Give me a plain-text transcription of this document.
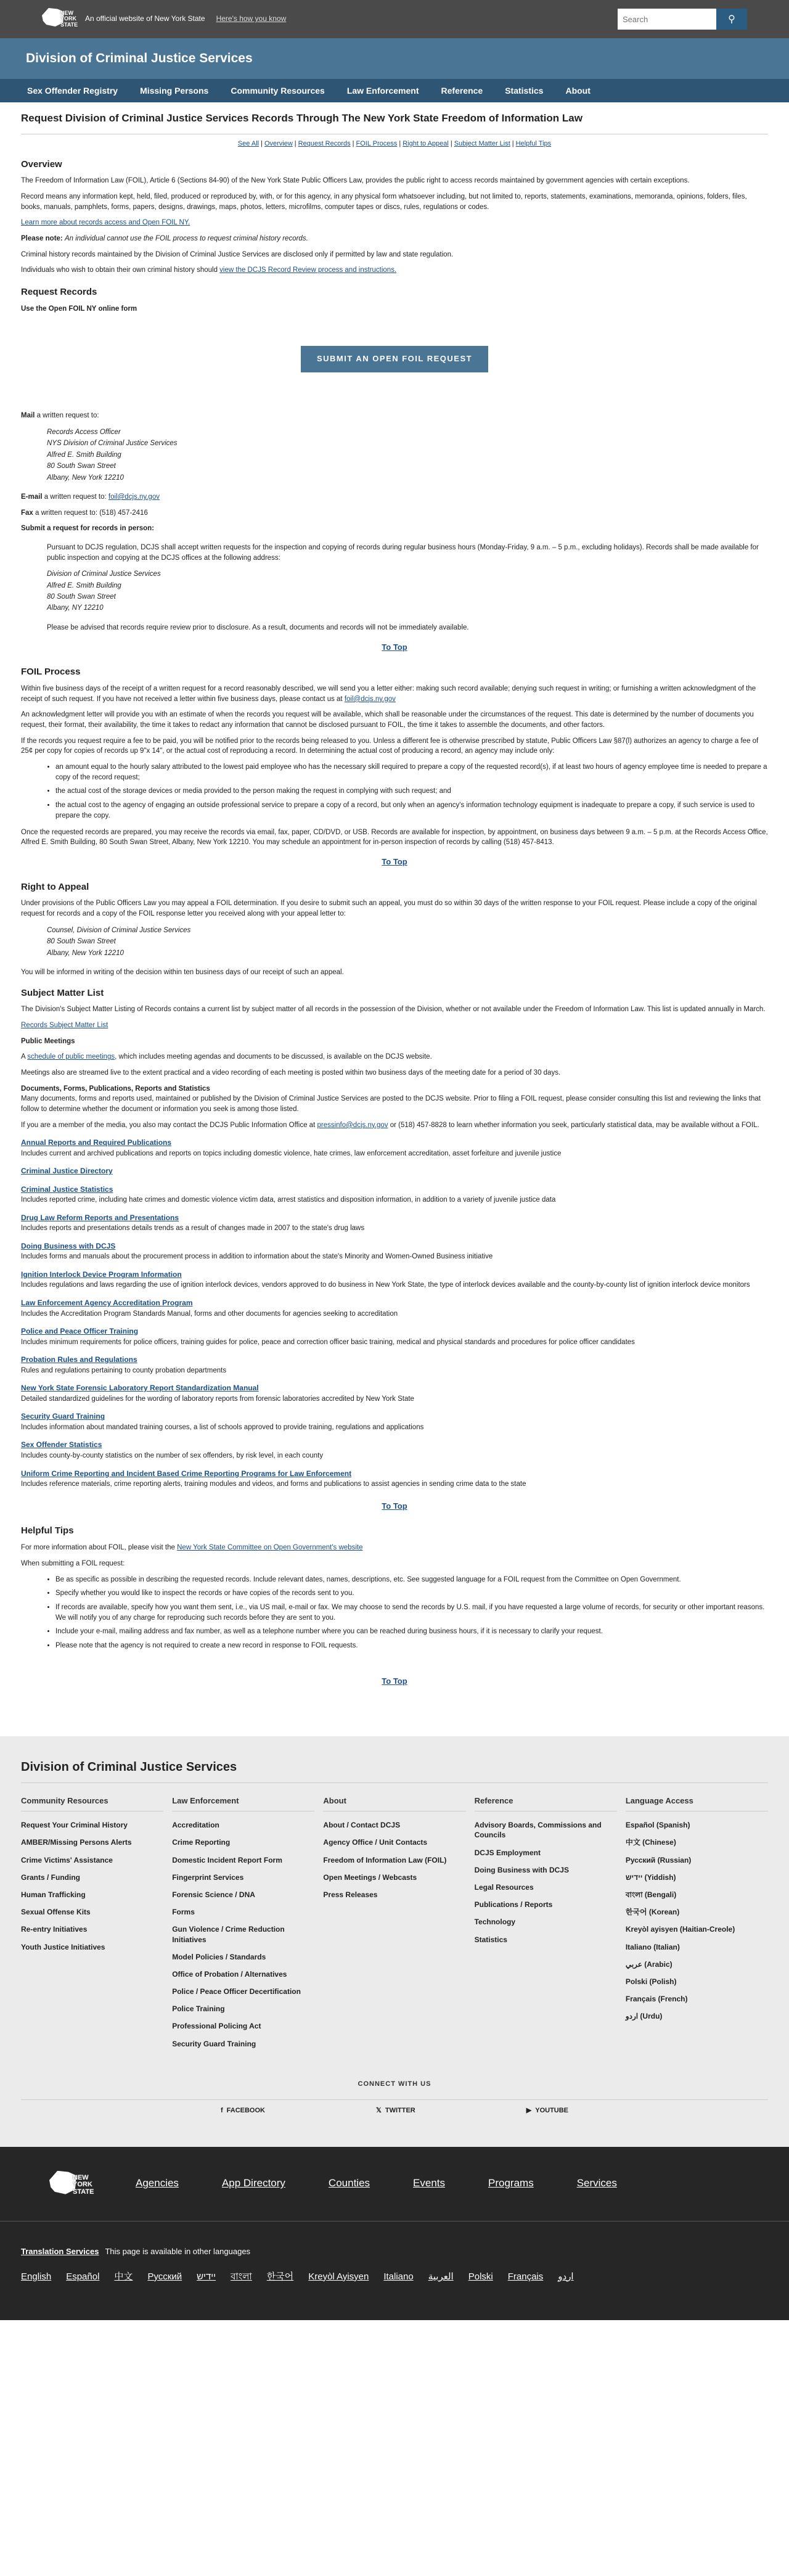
NEW YORK STATE
An official website of New York State Here's how you know
Search	⚲
Division of Criminal Justice Services
Sex Offender Registry	Missing Persons	Community Resources	Law Enforcement	Reference	Statistics	About
Request Division of Criminal Justice Services Records Through The New York State Freedom of Information Law
See All | Overview | Request Records | FOIL Process | Right to Appeal | Subject Matter List | Helpful Tips
Overview

The Freedom of Information Law (FOIL), Article 6 (Sections 84-90) of the New York State Public Officers Law, provides the public right to access records maintained by government agencies with certain exceptions.

Record means any information kept, held, filed, produced or reproduced by, with, or for this agency, in any physical form whatsoever including, but not limited to, reports, statements, examinations, memoranda, opinions, folders, files, books, manuals, pamphlets, forms, papers, designs, drawings, maps, photos, letters, microfilms, computer tapes or discs, rules, regulations or codes.

Learn more about records access and Open FOIL NY.

Please note: An individual cannot use the FOIL process to request criminal history records.

Criminal history records maintained by the Division of Criminal Justice Services are disclosed only if permitted by law and state regulation.

Individuals who wish to obtain their own criminal history should view the DCJS Record Review process and instructions.

Request Records

Use the Open FOIL NY online form

SUBMIT AN OPEN FOIL REQUEST

Mail a written request to:

Records Access Officer
NYS Division of Criminal Justice Services
Alfred E. Smith Building
80 South Swan Street
Albany, New York 12210

E-mail a written request to: foil@dcjs.ny.gov

Fax a written request to: (518) 457-2416

Submit a request for records in person:

Pursuant to DCJS regulation, DCJS shall accept written requests for the inspection and copying of records during regular business hours (Monday-Friday, 9 a.m. – 5 p.m., excluding holidays). Records shall be made available for public inspection and copying at the DCJS offices at the following address:

Division of Criminal Justice Services
Alfred E. Smith Building
80 South Swan Street
Albany, NY 12210

Please be advised that records require review prior to disclosure. As a result, documents and records will not be immediately available.

To Top
FOIL Process

Within five business days of the receipt of a written request for a record reasonably described, we will send you a letter either: making such record available; denying such request in writing; or furnishing a written acknowledgment of the receipt of such request. If you have not received a letter within five business days, please contact us at foil@dcjs.ny.gov

An acknowledgment letter will provide you with an estimate of when the records you request will be available, which shall be reasonable under the circumstances of the request. This date is determined by the number of documents you request, their format, their availability, the time it takes to redact any information that cannot be disclosed pursuant to FOIL, the time it takes to assemble the documents, and other factors.

If the records you request require a fee to be paid, you will be notified prior to the records being released to you. Unless a different fee is otherwise prescribed by statute, Public Officers Law §87(l) authorizes an agency to charge a fee of 25¢ per copy for copies of records up 9"x 14", or the actual cost of reproducing a record. In determining the actual cost of producing a record, an agency may include only:

• an amount equal to the hourly salary attributed to the lowest paid employee who has the necessary skill required to prepare a copy of the requested record(s), if at least two hours of agency employee time is needed to prepare a copy of the record request;
• the actual cost of the storage devices or media provided to the person making the request in complying with such request; and
• the actual cost to the agency of engaging an outside professional service to prepare a copy of a record, but only when an agency's information technology equipment is inadequate to prepare a copy, if such service is used to prepare the copy.

Once the requested records are prepared, you may receive the records via email, fax, paper, CD/DVD, or USB. Records are available for inspection, by appointment, on business days between 9 a.m. – 5 p.m. at the Records Access Office, Alfred E. Smith Building, 80 South Swan Street, Albany, New York 12210. You may schedule an appointment for in-person inspection of records by calling (518) 457-8413.

To Top
Right to Appeal

Under provisions of the Public Officers Law you may appeal a FOIL determination. If you desire to submit such an appeal, you must do so within 30 days of the written response to your FOIL request. Please include a copy of the original request for records and a copy of the FOIL response letter you received along with your appeal letter to:

Counsel, Division of Criminal Justice Services
80 South Swan Street
Albany, New York 12210

You will be informed in writing of the decision within ten business days of our receipt of such an appeal.

Subject Matter List

The Division's Subject Matter Listing of Records contains a current list by subject matter of all records in the possession of the Division, whether or not available under the Freedom of Information Law. This list is updated annually in March.

Records Subject Matter List

Public Meetings

A schedule of public meetings, which includes meeting agendas and documents to be discussed, is available on the DCJS website.

Meetings also are streamed live to the extent practical and a video recording of each meeting is posted within two business days of the meeting date for a period of 30 days.

Documents, Forms, Publications, Reports and Statistics

Many documents, forms and reports used, maintained or published by the Division of Criminal Justice Services are posted to the DCJS website. Prior to filing a FOIL request, please consider consulting this list and reviewing the links that follow to determine whether the document or information you seek is among those listed.

If you are a member of the media, you also may contact the DCJS Public Information Office at pressinfo@dcjs.ny.gov or (518) 457-8828 to learn whether information you seek, particularly statistical data, may be available without a FOIL.

Annual Reports and Required Publications
Includes current and archived publications and reports on topics including domestic violence, hate crimes, law enforcement accreditation, asset forfeiture and juvenile justice
Criminal Justice Directory
Criminal Justice Statistics
Includes reported crime, including hate crimes and domestic violence victim data, arrest statistics and disposition information, in addition to a variety of juvenile justice data
Drug Law Reform Reports and Presentations
Includes reports and presentations details trends as a result of changes made in 2007 to the state's drug laws
Doing Business with DCJS
Includes forms and manuals about the procurement process in addition to information about the state's Minority and Women-Owned Business initiative
Ignition Interlock Device Program Information
Includes regulations and laws regarding the use of ignition interlock devices, vendors approved to do business in New York State, the type of interlock devices available and the county-by-county list of ignition interlock device monitors
Law Enforcement Agency Accreditation Program
Includes the Accreditation Program Standards Manual, forms and other documents for agencies seeking to accreditation
Police and Peace Officer Training
Includes minimum requirements for police officers, training guides for police, peace and correction officer basic training, medical and physical standards and procedures for police officer candidates
Probation Rules and Regulations
Rules and regulations pertaining to county probation departments
New York State Forensic Laboratory Report Standardization Manual
Detailed standardized guidelines for the wording of laboratory reports from forensic laboratories accredited by New York State
Security Guard Training
Includes information about mandated training courses, a list of schools approved to provide training, regulations and applications
Sex Offender Statistics
Includes county-by-county statistics on the number of sex offenders, by risk level, in each county
Uniform Crime Reporting and Incident Based Crime Reporting Programs for Law Enforcement
Includes reference materials, crime reporting alerts, training modules and videos, and forms and publications to assist agencies in sending crime data to the state
To Top
Helpful Tips

For more information about FOIL, please visit the New York State Committee on Open Government's website

When submitting a FOIL request:

• Be as specific as possible in describing the requested records. Include relevant dates, names, descriptions, etc. See suggested language for a FOIL request from the Committee on Open Government.
• Specify whether you would like to inspect the records or have copies of the records sent to you.
• If records are available, specify how you want them sent, i.e., via US mail, e-mail or fax. We may choose to send the records by U.S. mail, if you have requested a large volume of records, for security or other important reasons. We will notify you of any charge for reproducing such records before they are sent to you.
• Include your e-mail, mailing address and fax number, as well as a telephone number where you can be reached during business hours, if it is necessary to clarify your request.
• Please note that the agency is not required to create a new record in response to FOIL requests.
To Top
Division of Criminal Justice Services
Community Resources
Request Your Criminal History
AMBER/Missing Persons Alerts
Crime Victims' Assistance
Grants / Funding
Human Trafficking
Sexual Offense Kits
Re-entry Initiatives
Youth Justice Initiatives
Law Enforcement
Accreditation
Crime Reporting
Domestic Incident Report Form
Fingerprint Services
Forensic Science / DNA
Forms
Gun Violence / Crime Reduction Initiatives
Model Policies / Standards
Office of Probation / Alternatives
Police / Peace Officer Decertification
Police Training
Professional Policing Act
Security Guard Training
About
About / Contact DCJS
Agency Office / Unit Contacts
Freedom of Information Law (FOIL)
Open Meetings / Webcasts
Press Releases
Reference
Advisory Boards, Commissions and Councils
DCJS Employment
Doing Business with DCJS
Legal Resources
Publications / Reports
Technology
Statistics
Language Access
Español (Spanish)
中文 (Chinese)
Русский (Russian)
יידיש (Yiddish)
বাংলা (Bengali)
한국어 (Korean)
Kreyòl ayisyen (Haitian-Creole)
Italiano (Italian)
عربي (Arabic)
Polski (Polish)
Français (French)
اردو (Urdu)
CONNECT WITH US
f FACEBOOK	𝕏 TWITTER	▶ YOUTUBE
NEW YORK STATE
Agencies	App Directory	Counties	Events	Programs	Services
Translation Services This page is available in other languages
English Español 中文 Русский יידיש বাংলা 한국어 Kreyòl Ayisyen Italiano العربية Polski Français اردو
